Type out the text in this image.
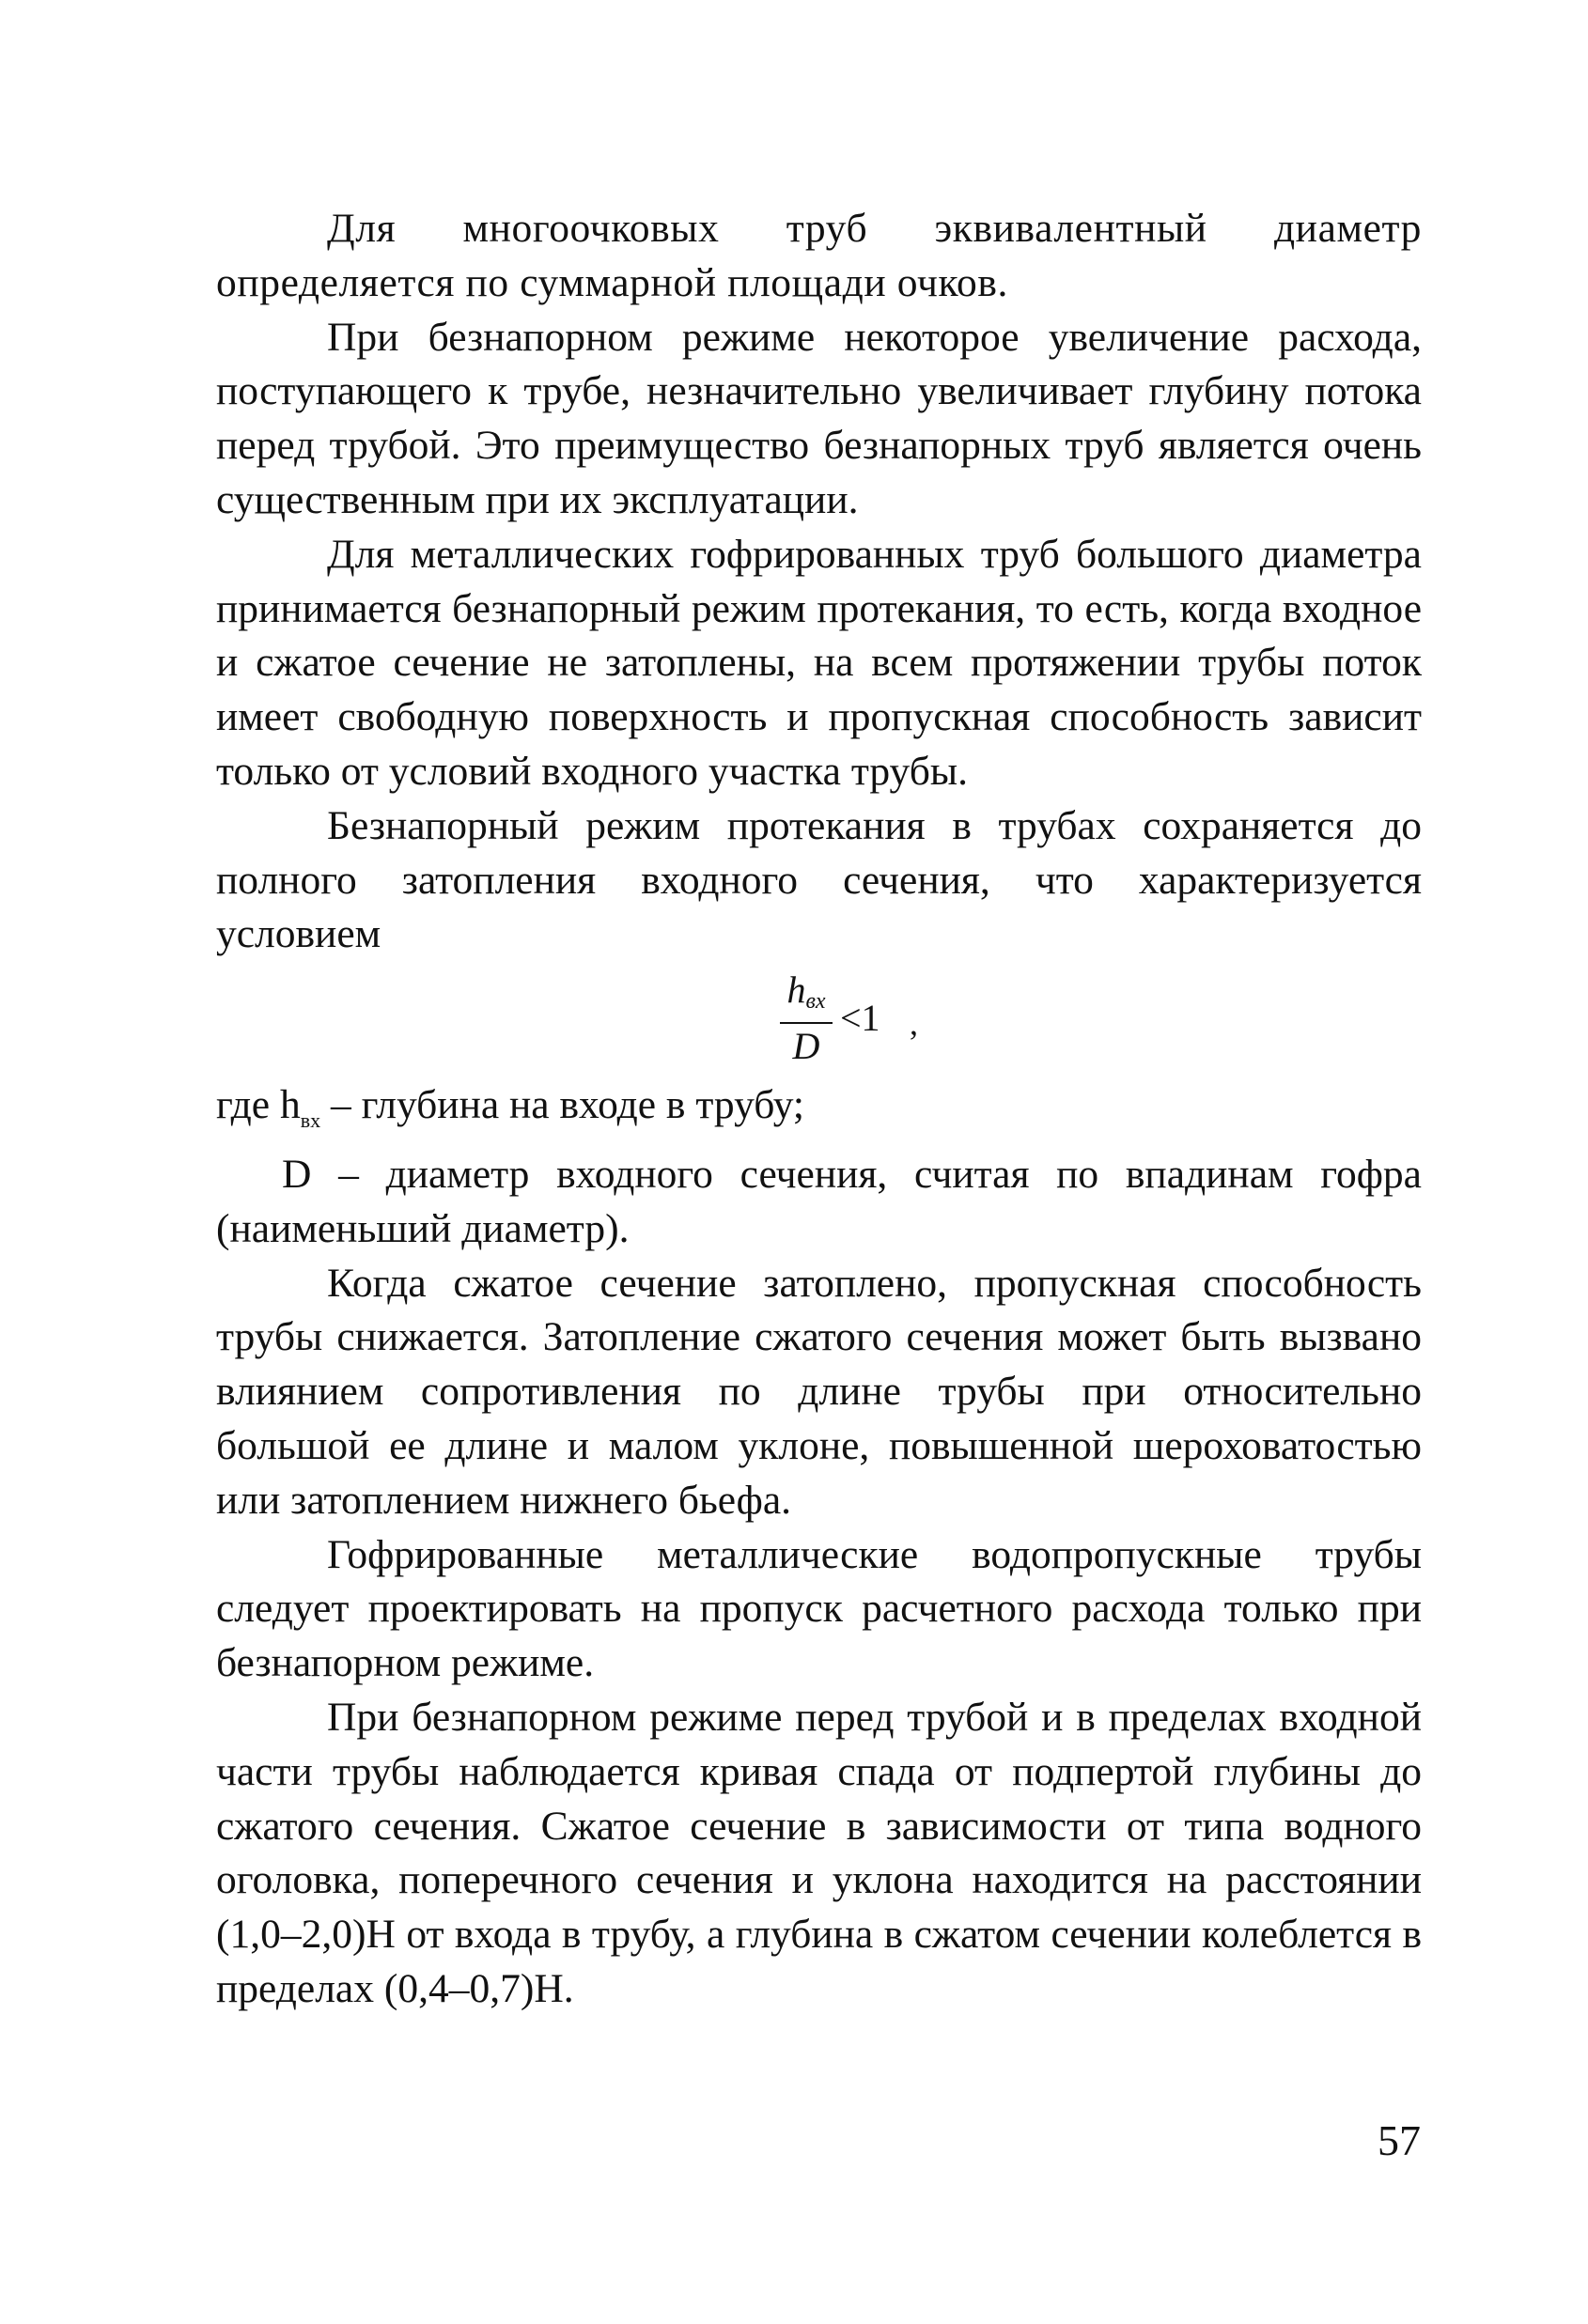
Для многоочковых труб эквивалентный диаметр определяется по суммарной площади очков.

При безнапорном режиме некоторое увеличение расхода, поступающего к трубе, незначительно увеличивает глубину потока перед трубой. Это преимущество безнапорных труб является очень существенным при их эксплуатации.

Для металлических гофрированных труб большого диаметра принимается безнапорный режим протекания, то есть, когда входное и сжатое сечение не затоплены, на всем протяжении трубы поток имеет свободную поверхность и пропускная способность зависит только от условий входного участка трубы.

Безнапорный режим протекания в трубах сохраняется до полного затопления входного сечения, что характеризуется условием

$h_{вх}$
D
<1 ,

где $h_{вх}$ – глубина на входе в трубу;

D – диаметр входного сечения, считая по впадинам гофра (наименьший диаметр).

Когда сжатое сечение затоплено, пропускная способность трубы снижается. Затопление сжатого сечения может быть вызвано влиянием сопротивления по длине трубы при относительно большой ее длине и малом уклоне, повышенной шероховатостью или затоплением нижнего бьефа.

Гофрированные металлические водопропускные трубы следует проектировать на пропуск расчетного расхода только при безнапорном режиме.

При безнапорном режиме перед трубой и в пределах входной части трубы наблюдается кривая спада от подпертой глубины до сжатого сечения. Сжатое сечение в зависимости от типа водного оголовка, поперечного сечения и уклона находится на расстоянии (1,0–2,0)H от входа в трубу, а глубина в сжатом сечении колеблется в пределах (0,4–0,7)H.

57
